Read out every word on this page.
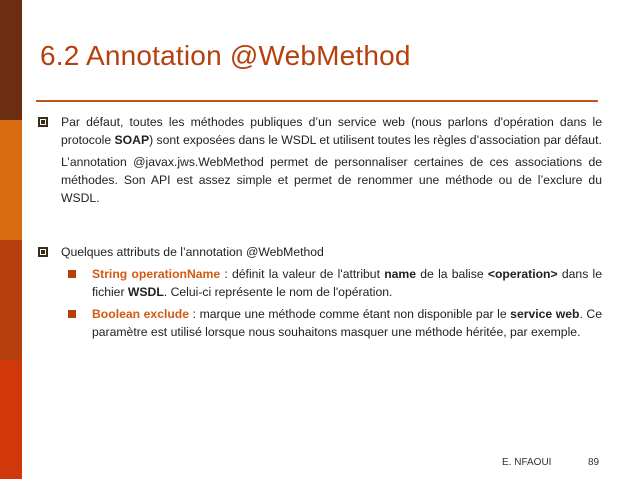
6.2 Annotation @WebMethod

Par défaut, toutes les méthodes publiques d’un service web (nous parlons d'opération dans le protocole SOAP) sont exposées dans le WSDL et utilisent toutes les règles d’association par défaut.

L’annotation @javax.jws.WebMethod permet de personnaliser certaines de ces associations de méthodes. Son API est assez simple et permet de renommer une méthode ou de l’exclure du WSDL.

Quelques attributs de l’annotation @WebMethod
String operationName : définit la valeur de l'attribut name de la balise <operation> dans le fichier WSDL. Celui-ci représente le nom de l'opération.
Boolean exclude : marque une méthode comme étant non disponible par le service web. Ce paramètre est utilisé lorsque nous souhaitons masquer une méthode héritée, par exemple.
E. NFAOUI	89
